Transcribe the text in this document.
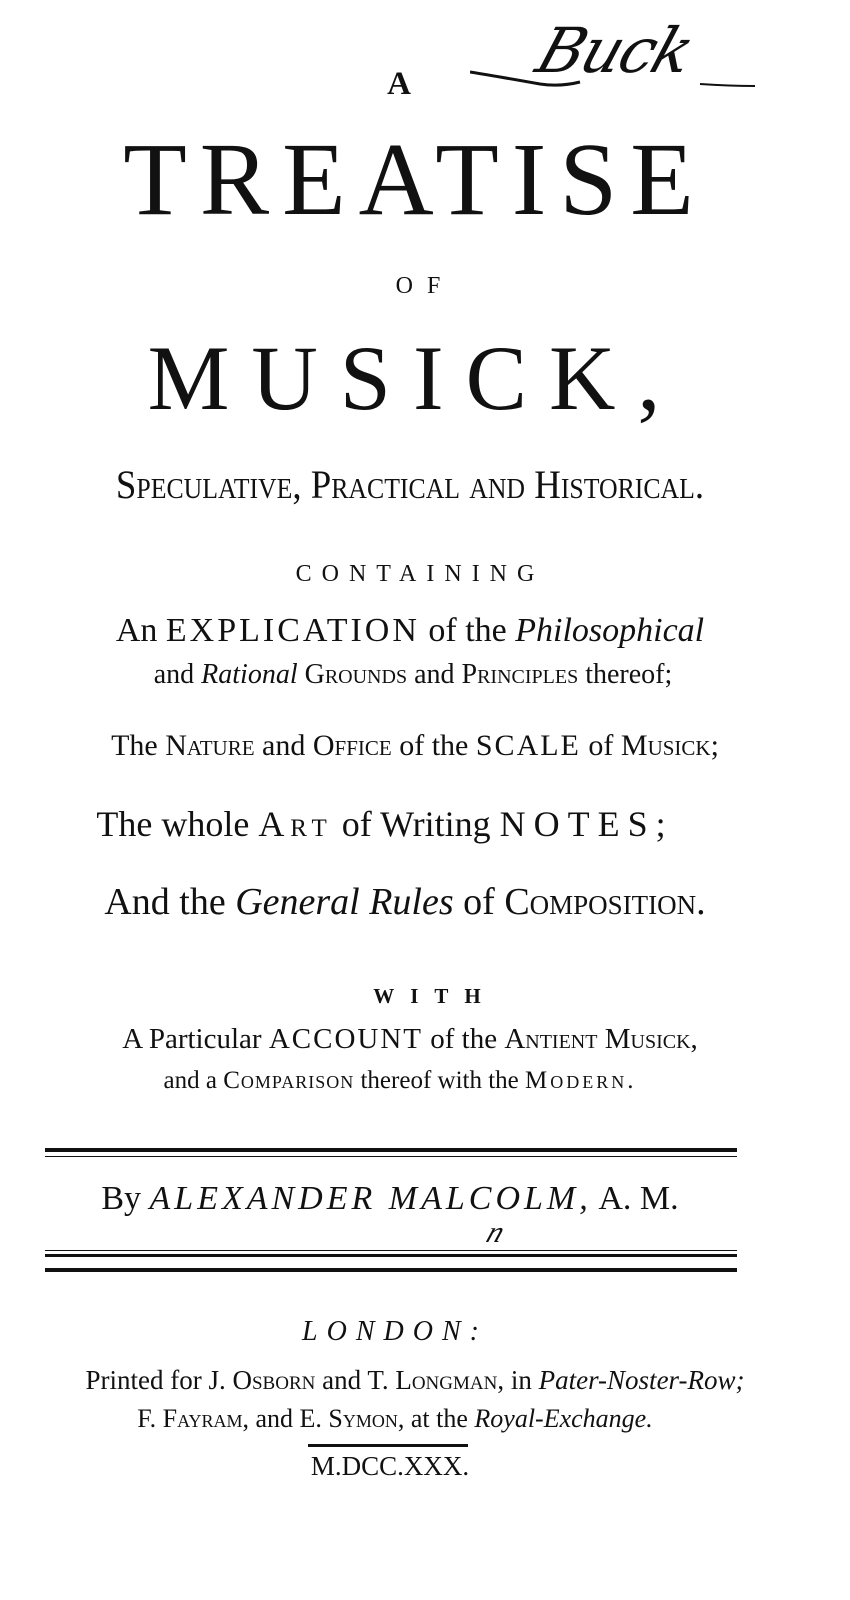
Buck
A
TREATISE
OF
MUSICK,
Speculative, Practical and Historical.
CONTAINING
An EXPLICATION of the Philosophical
and Rational Grounds and Principles thereof;
The Nature and Office of the SCALE of Musick;
The whole Art of Writing NOTES;
And the General Rules of Composition.
WITH
A Particular ACCOUNT of the Antient Musick,
and a Comparison thereof with the Modern.
By ALEXANDER MALCOLM, A. M.
n
LONDON:
Printed for J. Osborn and T. Longman, in Pater-Noster-Row;
F. Fayram, and E. Symon, at the Royal-Exchange.
M.DCC.XXX.
